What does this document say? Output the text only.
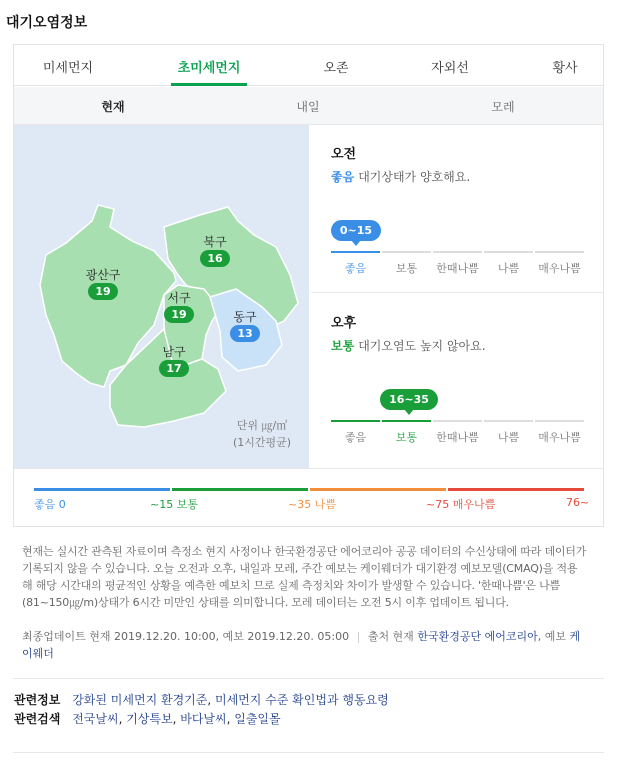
대기오염정보
미세먼지	초미세먼지	오존	자외선	황사
현재	내일	모레
북구
16
광산구
19	서구
19	동구
13
남구
17
단위 ㎍/㎥
(1시간평균)
오전
좋음 대기상태가 양호해요.
0~15
좋음	보통	한때나쁨	나쁨	매우나쁨
오후
보통 대기오염도 높지 않아요.
16~35
좋음	보통	한때나쁨	나쁨	매우나쁨
좋음 0	~15 보통	~35 나쁨	~75 매우나쁨	76~
현재는 실시간 관측된 자료이며 측정소 현지 사정이나 한국환경공단 에어코리아 공공 데이터의 수신상태에 따라 데이터가 기록되지 않을 수 있습니다. 오늘 오전과 오후, 내일과 모레, 주간 예보는 케이웨더가 대기환경 예보모델(CMAQ)을 적용해 해당 시간대의 평균적인 상황을 예측한 예보치 므로 실제 측정치와 차이가 발생할 수 있습니다. '한때나쁨'은 나쁨(81~150㎍/m)상태가 6시간 미만인 상태를 의미합니다. 모레 데이터는 오전 5시 이후 업데이트 됩니다.
최종업데이트 현재 2019.12.20. 10:00, 예보 2019.12.20. 05:00 | 출처 현재 한국환경공단 에어코리아, 예보 케이웨더
관련정보 강화된 미세먼지 환경기준, 미세먼지 수준 확인법과 행동요령
관련검색 전국날씨, 기상특보, 바다날씨, 일출일몰
